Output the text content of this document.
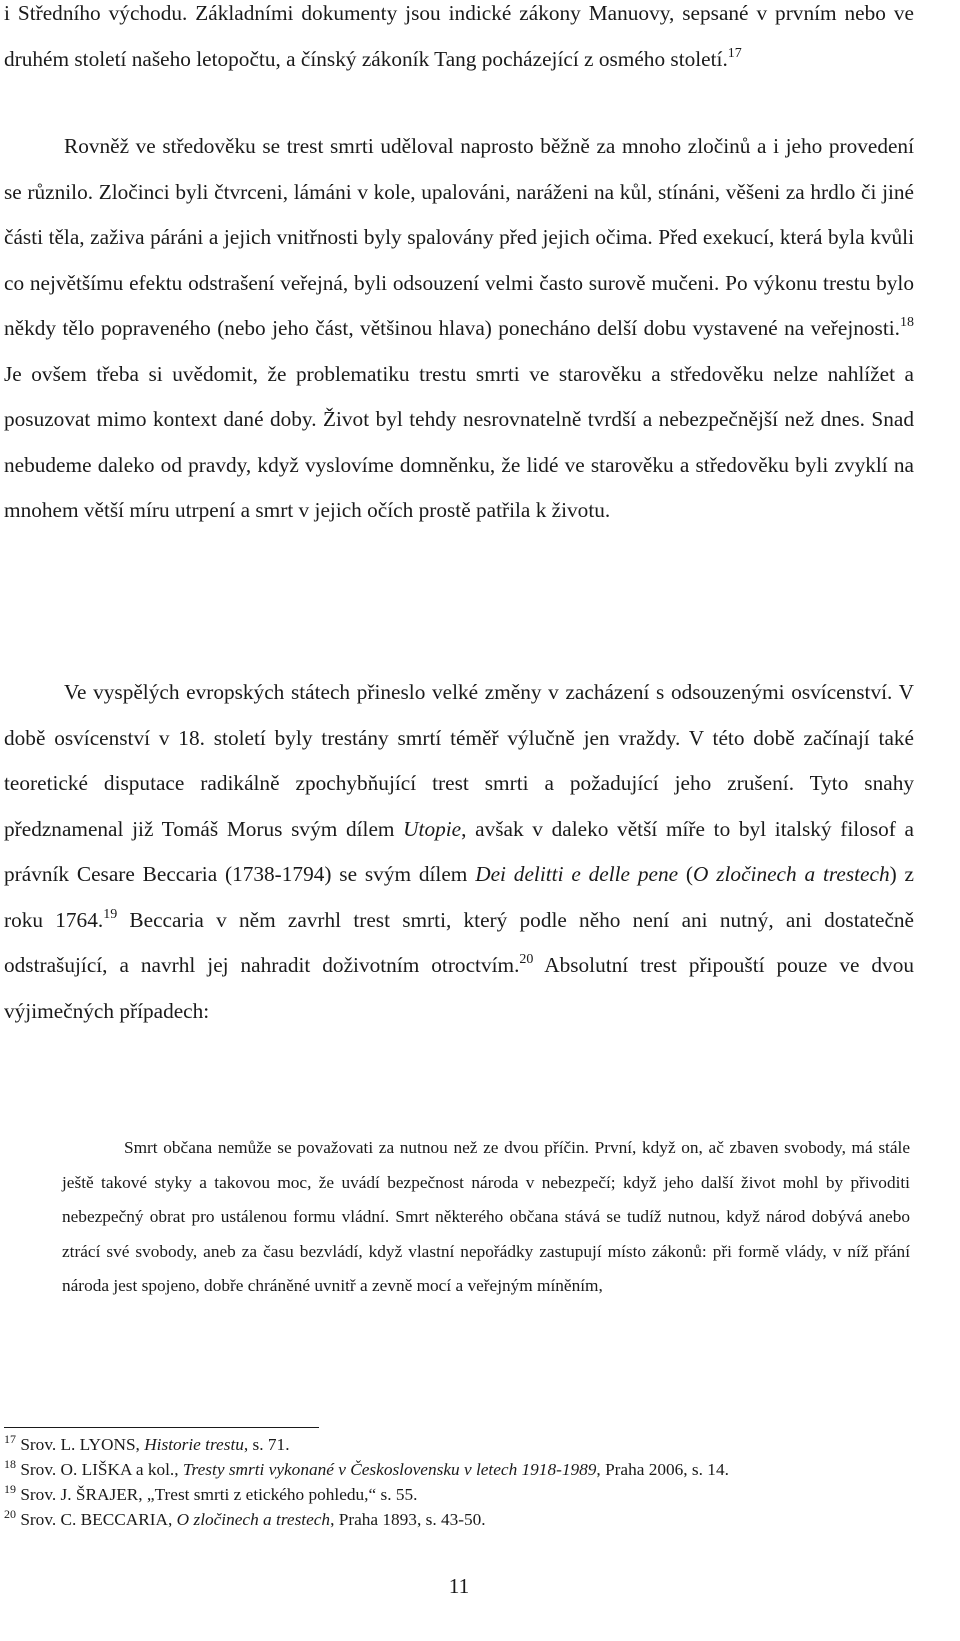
i Středního východu. Základními dokumenty jsou indické zákony Manuovy, sepsané v prvním nebo ve druhém století našeho letopočtu, a čínský zákoník Tang pocházející z osmého století.$^{17}$

Rovněž ve středověku se trest smrti uděloval naprosto běžně za mnoho zločinů a i jeho provedení se různilo. Zločinci byli čtvrceni, lámáni v kole, upalováni, naráženi na kůl, stínáni, věšeni za hrdlo či jiné části těla, zaživa páráni a jejich vnitřnosti byly spalovány před jejich očima. Před exekucí, která byla kvůli co největšímu efektu odstrašení veřejná, byli odsouzení velmi často surově mučeni. Po výkonu trestu bylo někdy tělo popraveného (nebo jeho část, většinou hlava) ponecháno delší dobu vystavené na veřejnosti.$^{18}$ Je ovšem třeba si uvědomit, že problematiku trestu smrti ve starověku a středověku nelze nahlížet a posuzovat mimo kontext dané doby. Život byl tehdy nesrovnatelně tvrdší a nebezpečnější než dnes. Snad nebudeme daleko od pravdy, když vyslovíme domněnku, že lidé ve starověku a středověku byli zvyklí na mnohem větší míru utrpení a smrt v jejich očích prostě patřila k životu.

Ve vyspělých evropských státech přineslo velké změny v zacházení s odsouzenými osvícenství. V době osvícenství v 18. století byly trestány smrtí téměř výlučně jen vraždy. V této době začínají také teoretické disputace radikálně zpochybňující trest smrti a požadující jeho zrušení. Tyto snahy předznamenal již Tomáš Morus svým dílem Utopie, avšak v daleko větší míře to byl italský filosof a právník Cesare Beccaria (1738-1794) se svým dílem Dei delitti e delle pene (O zločinech a trestech) z roku 1764.19 Beccaria v něm zavrhl trest smrti, který podle něho není ani nutný, ani dostatečně odstrašující, a navrhl jej nahradit doživotním otroctvím.$^{20}$ Absolutní trest připouští pouze ve dvou výjimečných případech:

Smrt občana nemůže se považovati za nutnou než ze dvou příčin. První, když on, ač zbaven svobody, má stále ještě takové styky a takovou moc, že uvádí bezpečnost národa v nebezpečí; když jeho další život mohl by přivoditi nebezpečný obrat pro ustálenou formu vládní. Smrt některého občana stává se tudíž nutnou, když národ dobývá anebo ztrácí své svobody, aneb za času bezvládí, když vlastní nepořádky zastupují místo zákonů: při formě vlády, v níž přání národa jest spojeno, dobře chráněné uvnitř a zevně mocí a veřejným míněním,

$^{17}$ Srov. L. LYONS, Historie trestu, s. 71.

$^{18}$ Srov. O. LIŠKA a kol., Tresty smrti vykonané v Československu v letech 1918-1989, Praha 2006, s. 14.

$^{19}$ Srov. J. ŠRAJER, „Trest smrti z etického pohledu,“ s. 55.

$^{20}$ Srov. C. BECCARIA, O zločinech a trestech, Praha 1893, s. 43-50.

11
